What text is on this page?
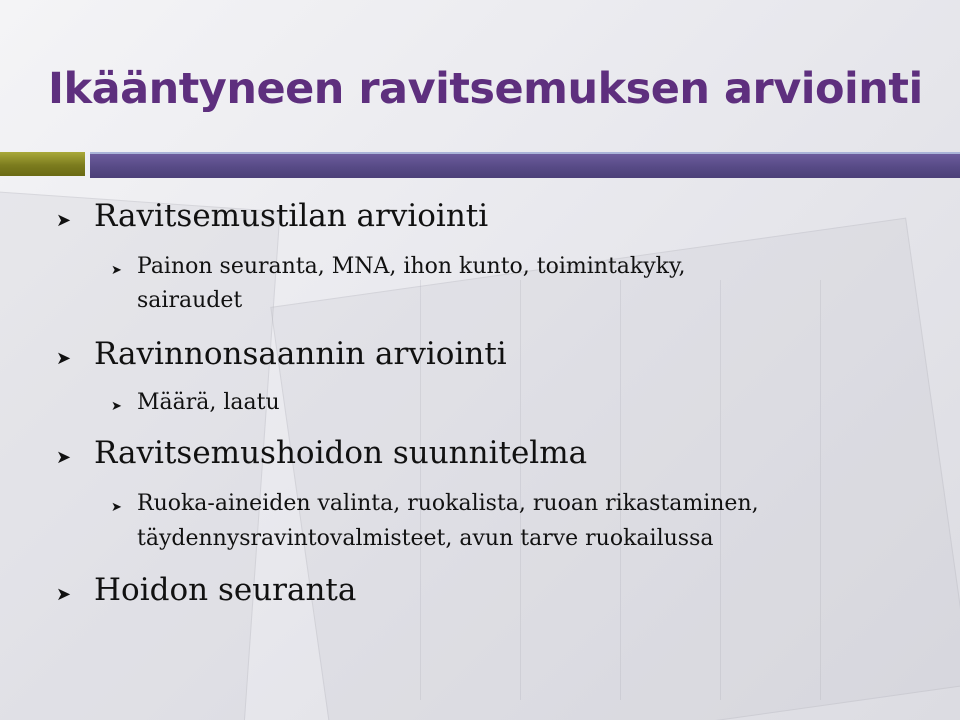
Ikääntyneen ravitsemuksen arviointi
➤ Ravitsemustilan arviointi
➤ Painon seuranta, MNA, ihon kunto, toimintakyky,
sairaudet
➤ Ravinnonsaannin arviointi
➤ Määrä, laatu
➤ Ravitsemushoidon suunnitelma
➤ Ruoka-aineiden valinta, ruokalista, ruoan rikastaminen,
täydennysravintovalmisteet, avun tarve ruokailussa
➤ Hoidon seuranta
